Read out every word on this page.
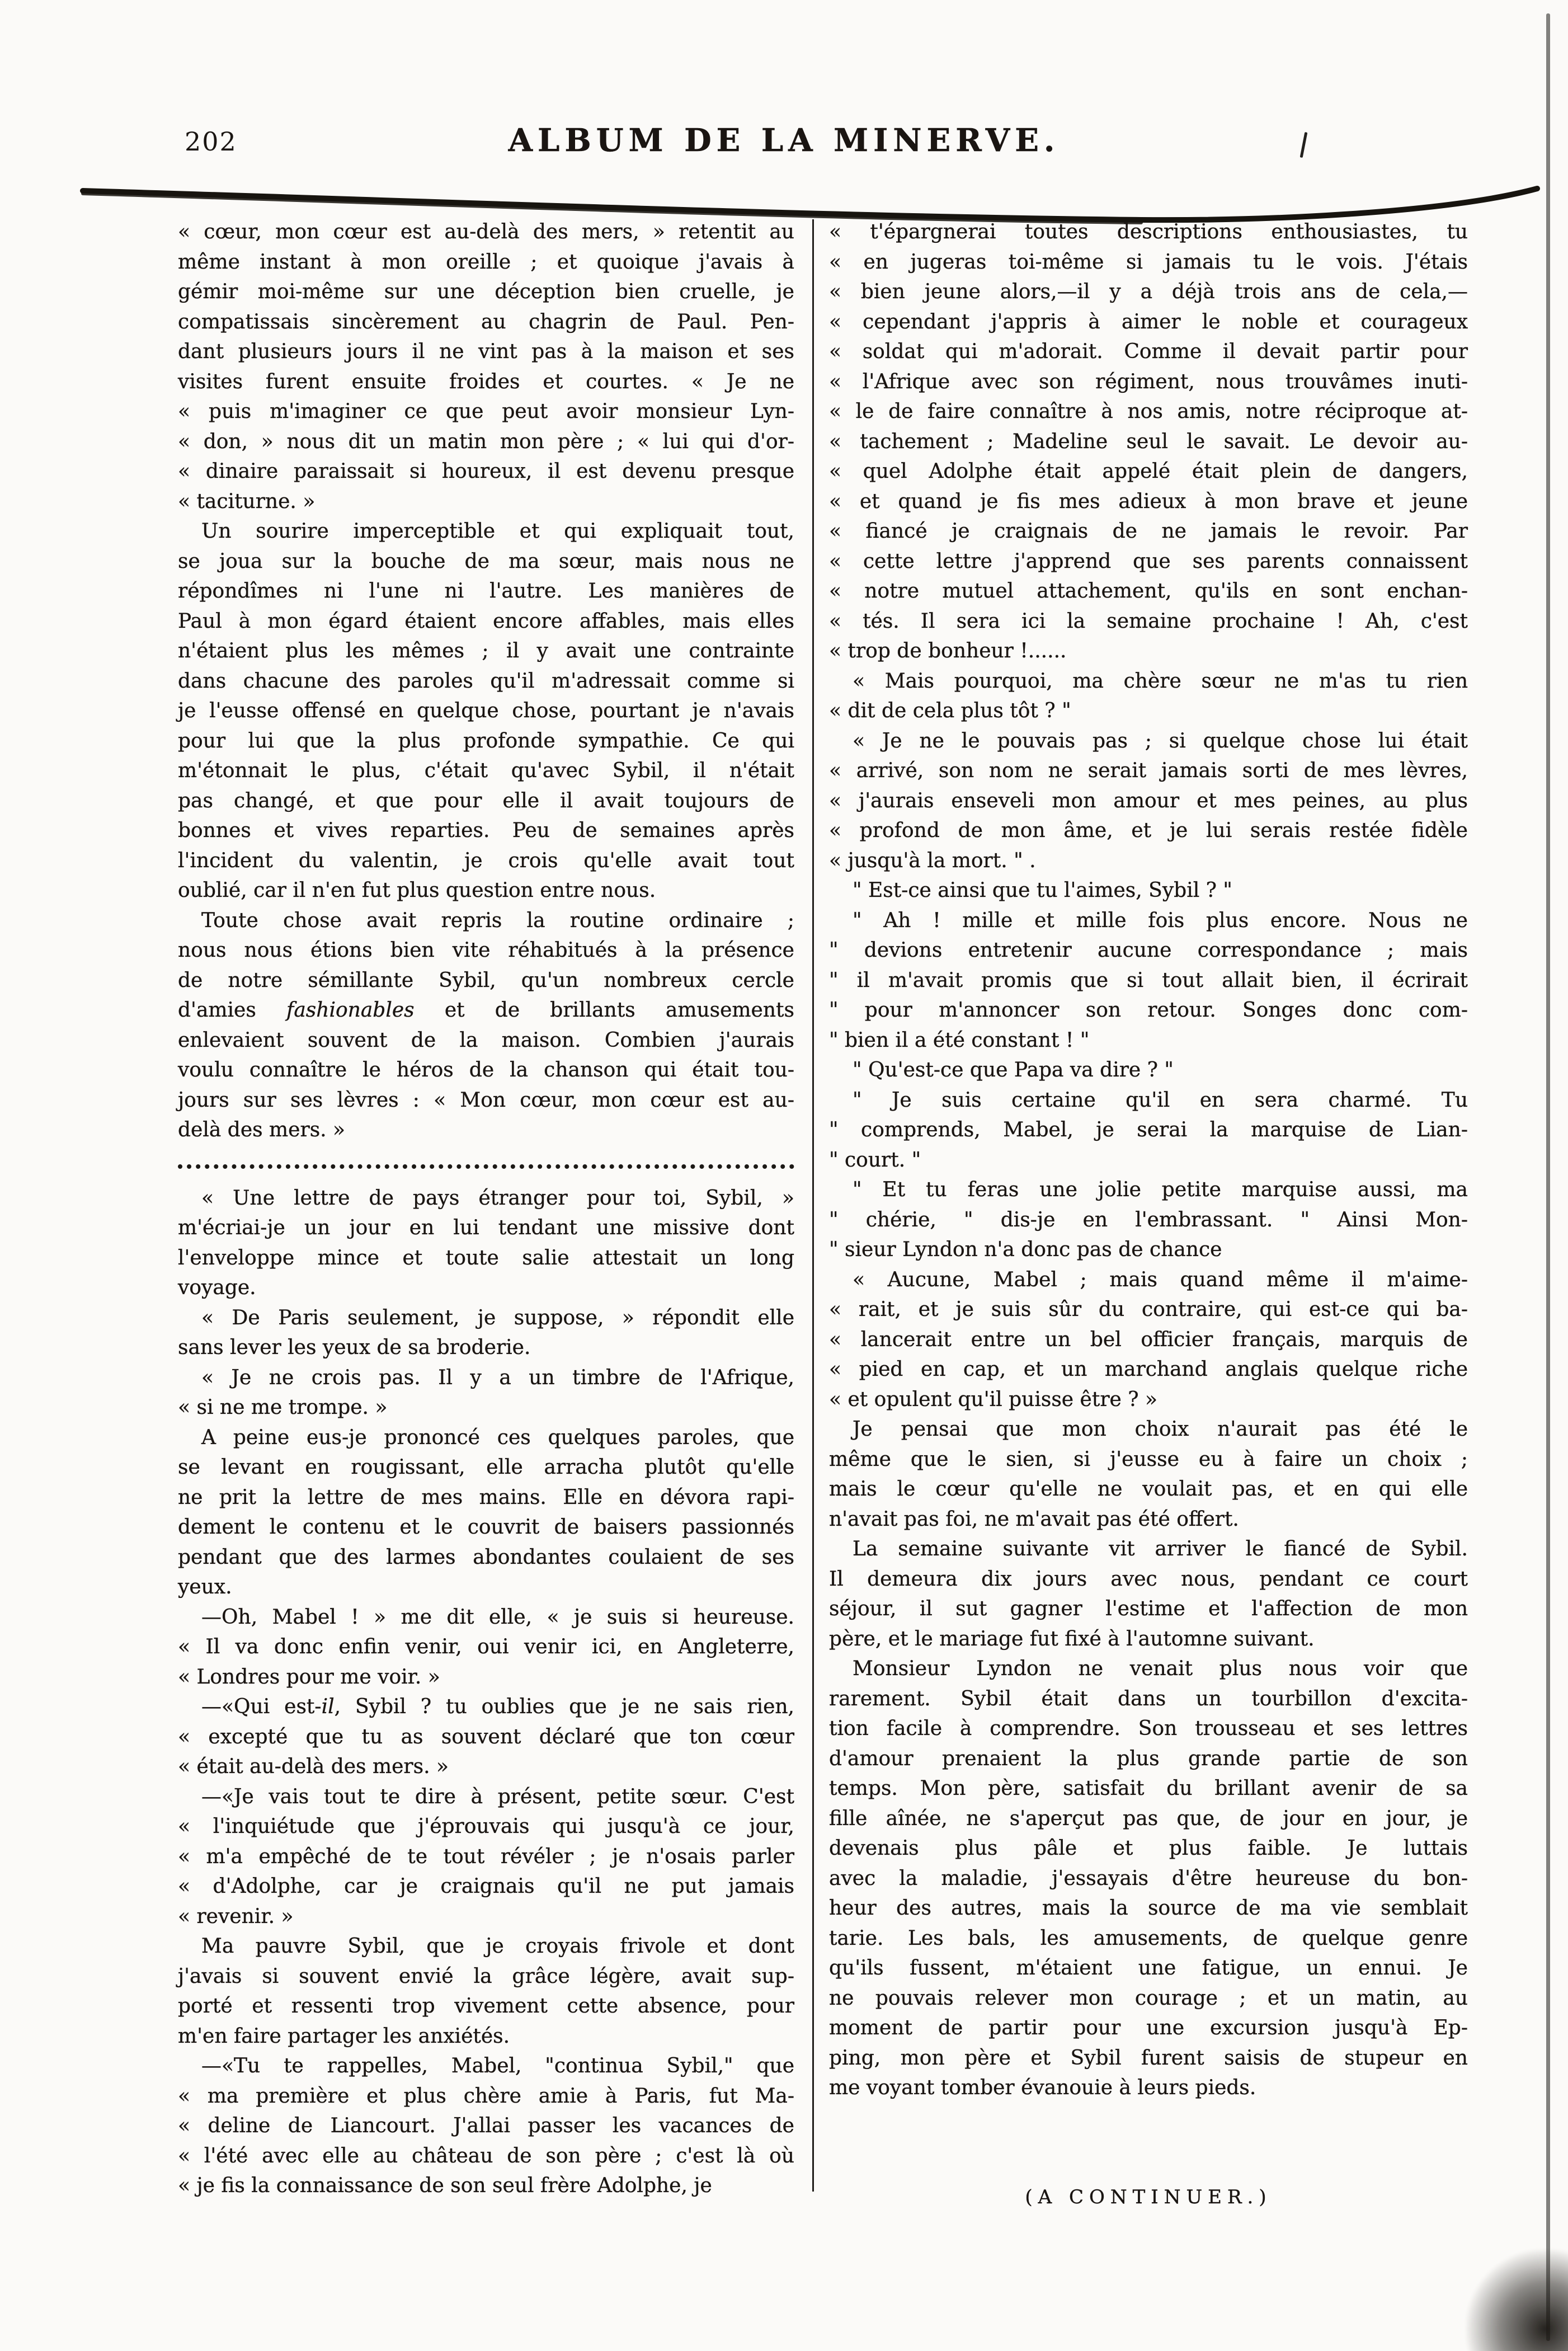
202	ALBUM DE LA MINERVE.
« cœur, mon cœur est au-delà des mers, » retentit au
même instant à mon oreille ; et quoique j'avais à
gémir moi-même sur une déception bien cruelle, je
compatissais sincèrement au chagrin de Paul. Pen-
dant plusieurs jours il ne vint pas à la maison et ses
visites furent ensuite froides et courtes. « Je ne
« puis m'imaginer ce que peut avoir monsieur Lyn-
« don, » nous dit un matin mon père ; « lui qui d'or-
« dinaire paraissait si houreux, il est devenu presque
« taciturne. »
Un sourire imperceptible et qui expliquait tout,
se joua sur la bouche de ma sœur, mais nous ne
répondîmes ni l'une ni l'autre. Les manières de
Paul à mon égard étaient encore affables, mais elles
n'étaient plus les mêmes ; il y avait une contrainte
dans chacune des paroles qu'il m'adressait comme si
je l'eusse offensé en quelque chose, pourtant je n'avais
pour lui que la plus profonde sympathie. Ce qui
m'étonnait le plus, c'était qu'avec Sybil, il n'était
pas changé, et que pour elle il avait toujours de
bonnes et vives reparties. Peu de semaines après
l'incident du valentin, je crois qu'elle avait tout
oublié, car il n'en fut plus question entre nous.
Toute chose avait repris la routine ordinaire ;
nous nous étions bien vite réhabitués à la présence
de notre sémillante Sybil, qu'un nombreux cercle
d'amies fashionables et de brillants amusements
enlevaient souvent de la maison. Combien j'aurais
voulu connaître le héros de la chanson qui était tou-
jours sur ses lèvres : « Mon cœur, mon cœur est au-
delà des mers. »
« Une lettre de pays étranger pour toi, Sybil, »
m'écriai-je un jour en lui tendant une missive dont
l'enveloppe mince et toute salie attestait un long
voyage.
« De Paris seulement, je suppose, » répondit elle
sans lever les yeux de sa broderie.
« Je ne crois pas. Il y a un timbre de l'Afrique,
« si ne me trompe. »
A peine eus-je prononcé ces quelques paroles, que
se levant en rougissant, elle arracha plutôt qu'elle
ne prit la lettre de mes mains. Elle en dévora rapi-
dement le contenu et le couvrit de baisers passionnés
pendant que des larmes abondantes coulaient de ses
yeux.
—Oh, Mabel ! » me dit elle, « je suis si heureuse.
« Il va donc enfin venir, oui venir ici, en Angleterre,
« Londres pour me voir. »
—«Qui est-il, Sybil ? tu oublies que je ne sais rien,
« excepté que tu as souvent déclaré que ton cœur
« était au-delà des mers. »
—«Je vais tout te dire à présent, petite sœur. C'est
« l'inquiétude que j'éprouvais qui jusqu'à ce jour,
« m'a empêché de te tout révéler ; je n'osais parler
« d'Adolphe, car je craignais qu'il ne put jamais
« revenir. »
Ma pauvre Sybil, que je croyais frivole et dont
j'avais si souvent envié la grâce légère, avait sup-
porté et ressenti trop vivement cette absence, pour
m'en faire partager les anxiétés.
—«Tu te rappelles, Mabel, "continua Sybil," que
« ma première et plus chère amie à Paris, fut Ma-
« deline de Liancourt. J'allai passer les vacances de
« l'été avec elle au château de son père ; c'est là où
« je fis la connaissance de son seul frère Adolphe, je
« t'épargnerai toutes descriptions enthousiastes, tu
« en jugeras toi-même si jamais tu le vois. J'étais
« bien jeune alors,—il y a déjà trois ans de cela,—
« cependant j'appris à aimer le noble et courageux
« soldat qui m'adorait. Comme il devait partir pour
« l'Afrique avec son régiment, nous trouvâmes inuti-
« le de faire connaître à nos amis, notre réciproque at-
« tachement ; Madeline seul le savait. Le devoir au-
« quel Adolphe était appelé était plein de dangers,
« et quand je fis mes adieux à mon brave et jeune
« fiancé je craignais de ne jamais le revoir. Par
« cette lettre j'apprend que ses parents connaissent
« notre mutuel attachement, qu'ils en sont enchan-
« tés. Il sera ici la semaine prochaine ! Ah, c'est
« trop de bonheur !......
« Mais pourquoi, ma chère sœur ne m'as tu rien
« dit de cela plus tôt ? "
« Je ne le pouvais pas ; si quelque chose lui était
« arrivé, son nom ne serait jamais sorti de mes lèvres,
« j'aurais enseveli mon amour et mes peines, au plus
« profond de mon âme, et je lui serais restée fidèle
« jusqu'à la mort. " .
" Est-ce ainsi que tu l'aimes, Sybil ? "
" Ah ! mille et mille fois plus encore. Nous ne
" devions entretenir aucune correspondance ; mais
" il m'avait promis que si tout allait bien, il écrirait
" pour m'annoncer son retour. Songes donc com-
" bien il a été constant ! "
" Qu'est-ce que Papa va dire ? "
" Je suis certaine qu'il en sera charmé. Tu
" comprends, Mabel, je serai la marquise de Lian-
" court. "
" Et tu feras une jolie petite marquise aussi, ma
" chérie, " dis-je en l'embrassant. " Ainsi Mon-
" sieur Lyndon n'a donc pas de chance
« Aucune, Mabel ; mais quand même il m'aime-
« rait, et je suis sûr du contraire, qui est-ce qui ba-
« lancerait entre un bel officier français, marquis de
« pied en cap, et un marchand anglais quelque riche
« et opulent qu'il puisse être ? »
Je pensai que mon choix n'aurait pas été le
même que le sien, si j'eusse eu à faire un choix ;
mais le cœur qu'elle ne voulait pas, et en qui elle
n'avait pas foi, ne m'avait pas été offert.
La semaine suivante vit arriver le fiancé de Sybil.
Il demeura dix jours avec nous, pendant ce court
séjour, il sut gagner l'estime et l'affection de mon
père, et le mariage fut fixé à l'automne suivant.
Monsieur Lyndon ne venait plus nous voir que
rarement. Sybil était dans un tourbillon d'excita-
tion facile à comprendre. Son trousseau et ses lettres
d'amour prenaient la plus grande partie de son
temps. Mon père, satisfait du brillant avenir de sa
fille aînée, ne s'aperçut pas que, de jour en jour, je
devenais plus pâle et plus faible. Je luttais
avec la maladie, j'essayais d'être heureuse du bon-
heur des autres, mais la source de ma vie semblait
tarie. Les bals, les amusements, de quelque genre
qu'ils fussent, m'étaient une fatigue, un ennui. Je
ne pouvais relever mon courage ; et un matin, au
moment de partir pour une excursion jusqu'à Ep-
ping, mon père et Sybil furent saisis de stupeur en
me voyant tomber évanouie à leurs pieds.
(A CONTINUER.)
